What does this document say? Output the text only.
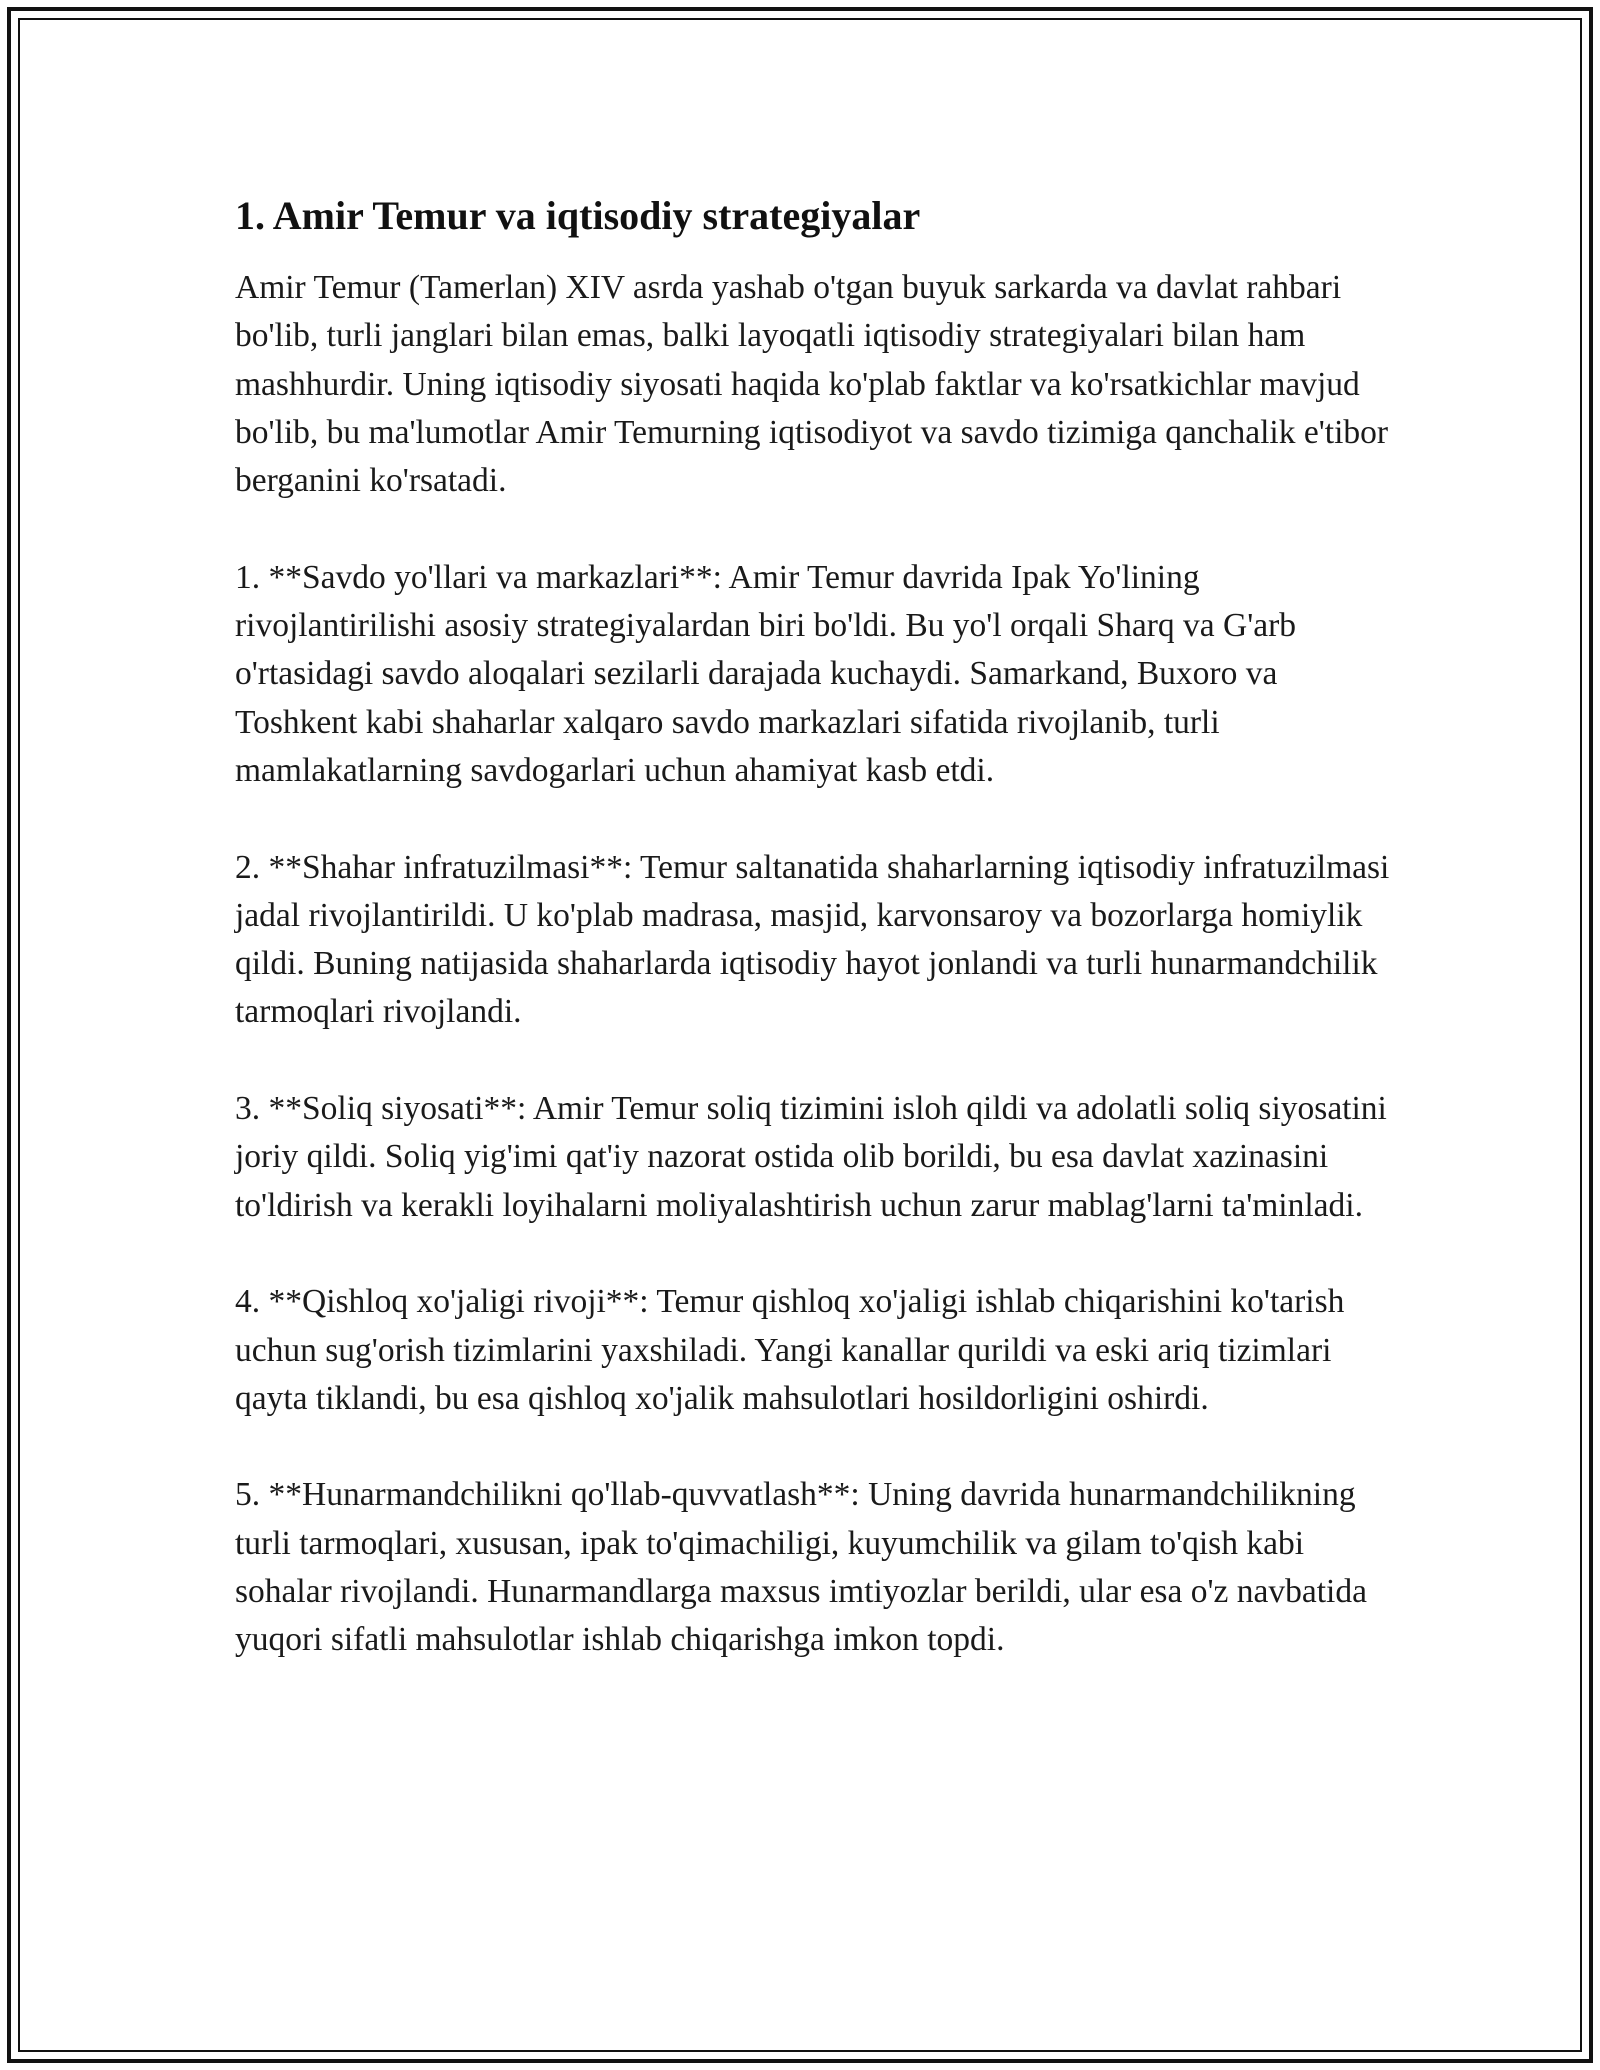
1. Amir Temur va iqtisodiy strategiyalar

Amir Temur (Tamerlan) XIV asrda yashab o'tgan buyuk sarkarda va davlat rahbari bo'lib, turli janglari bilan emas, balki layoqatli iqtisodiy strategiyalari bilan ham mashhurdir. Uning iqtisodiy siyosati haqida ko'plab faktlar va ko'rsatkichlar mavjud bo'lib, bu ma'lumotlar Amir Temurning iqtisodiyot va savdo tizimiga qanchalik e'tibor berganini ko'rsatadi.

1. **Savdo yo'llari va markazlari**: Amir Temur davrida Ipak Yo'lining rivojlantirilishi asosiy strategiyalardan biri bo'ldi. Bu yo'l orqali Sharq va G'arb o'rtasidagi savdo aloqalari sezilarli darajada kuchaydi. Samarkand, Buxoro va Toshkent kabi shaharlar xalqaro savdo markazlari sifatida rivojlanib, turli mamlakatlarning savdogarlari uchun ahamiyat kasb etdi.

2. **Shahar infratuzilmasi**: Temur saltanatida shaharlarning iqtisodiy infratuzilmasi jadal rivojlantirildi. U ko'plab madrasa, masjid, karvonsaroy va bozorlarga homiylik qildi. Buning natijasida shaharlarda iqtisodiy hayot jonlandi va turli hunarmandchilik tarmoqlari rivojlandi.

3. **Soliq siyosati**: Amir Temur soliq tizimini isloh qildi va adolatli soliq siyosatini joriy qildi. Soliq yig'imi qat'iy nazorat ostida olib borildi, bu esa davlat xazinasini to'ldirish va kerakli loyihalarni moliyalashtirish uchun zarur mablag'larni ta'minladi.

4. **Qishloq xo'jaligi rivoji**: Temur qishloq xo'jaligi ishlab chiqarishini ko'tarish uchun sug'orish tizimlarini yaxshiladi. Yangi kanallar qurildi va eski ariq tizimlari qayta tiklandi, bu esa qishloq xo'jalik mahsulotlari hosildorligini oshirdi.

5. **Hunarmandchilikni qo'llab-quvvatlash**: Uning davrida hunarmandchilikning turli tarmoqlari, xususan, ipak to'qimachiligi, kuyumchilik va gilam to'qish kabi sohalar rivojlandi. Hunarmandlarga maxsus imtiyozlar berildi, ular esa o'z navbatida yuqori sifatli mahsulotlar ishlab chiqarishga imkon topdi.
